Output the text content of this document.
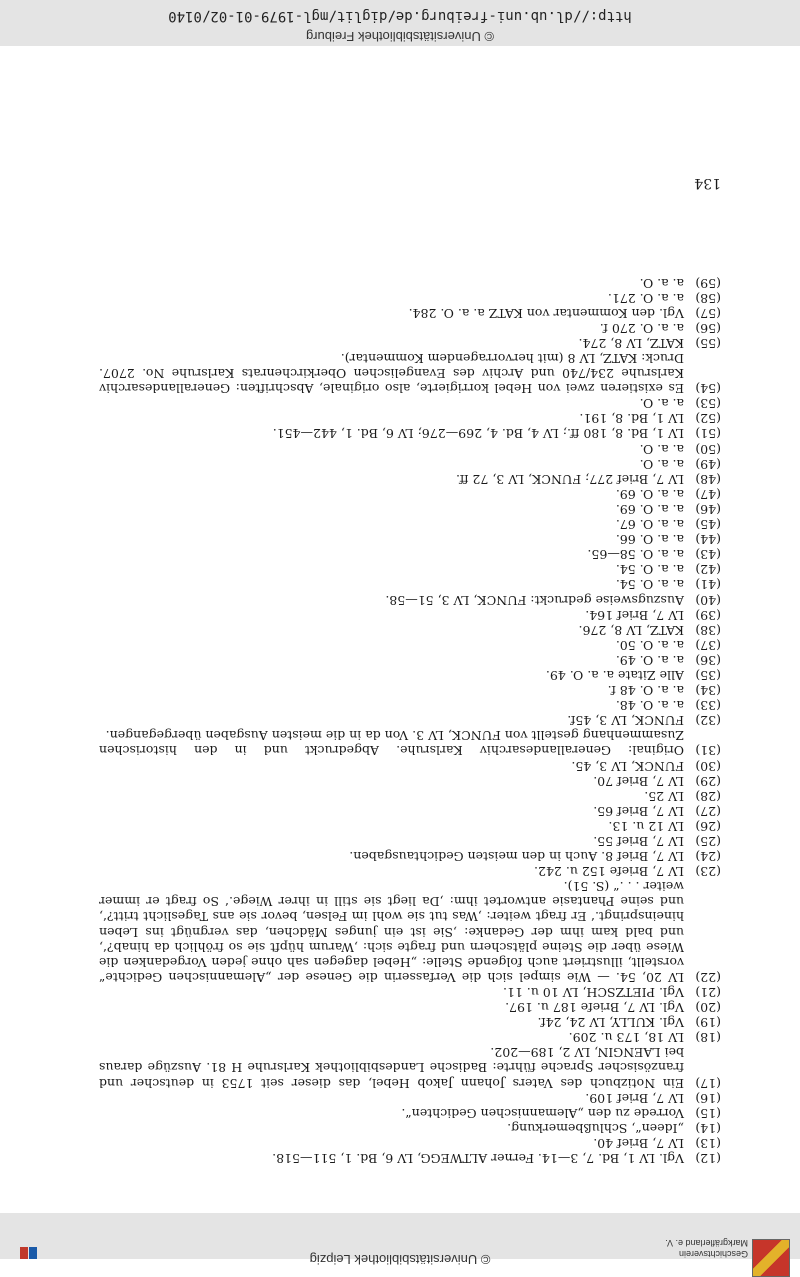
© Universitätsbibliothek Leipzig	Geschichtsverein
Markgräflerland e. V.
(12)
Vgl. LV 1, Bd. 7, 3—14. Ferner ALTWEGG, LV 6, Bd. 1, 511—518.
(13)
LV 7, Brief 40.
(14)
„Ideen“, Schlußbemerkung.
(15)
Vorrede zu den „Alemannischen Gedichten“.
(16)
LV 7, Brief 109.
(17)
Ein Notizbuch des Vaters Johann Jakob Hebel, das dieser seit 1753 in deutscher und französischer Sprache führte: Badische Landesbibliothek Karlsruhe H 81. Auszüge daraus bei LAENGIN, LV 2, 189—202.
(18)
LV 18, 173 u. 209.
(19)
Vgl. KULLY, LV 24, 24f.
(20)
Vgl. LV 7, Briefe 187 u. 197.
(21)
Vgl. PIETZSCH, LV 10 u. 11.
(22)
LV 20, 54. — Wie simpel sich die Verfasserin die Genese der „Alemannischen Gedichte“ vorstellt, illustriert auch folgende Stelle: „Hebel dagegen sah ohne jeden Vorgedanken die Wiese über die Steine plätschern und fragte sich: ‚Warum hüpft sie so fröhlich da hinab?‘, und bald kam ihm der Gedanke: ‚Sie ist ein junges Mädchen, das vergnügt ins Leben hineinspringt.‘ Er fragt weiter: ‚Was tut sie wohl im Felsen, bevor sie ans Tageslicht tritt?‘, und seine Phantasie antwortet ihm: ‚Da liegt sie still in ihrer Wiege.‘ So fragt er immer weiter . . .“ (S. 51).
(23)
LV 7, Briefe 152 u. 242.
(24)
LV 7, Brief 8. Auch in den meisten Gedichtausgaben.
(25)
LV 7, Brief 55.
(26)
LV 12 u. 13.
(27)
LV 7, Brief 65.
(28)
LV 25.
(29)
LV 7, Brief 70.
(30)
FUNCK, LV 3, 45.
(31)
Original: Generallandesarchiv Karlsruhe. Abgedruckt und in den historischen Zusammenhang gestellt von FUNCK, LV 3. Von da in die meisten Ausgaben übergegangen.
(32)
FUNCK, LV 3, 45f.
(33)
a. a. O. 48.
(34)
a. a. O. 48 f.
(35)
Alle Zitate a. a. O. 49.
(36)
a. a. O. 49.
(37)
a. a. O. 50.
(38)
KATZ, LV 8, 276.
(39)
LV 7, Brief 164.
(40)
Auszugsweise gedruckt: FUNCK, LV 3, 51—58.
(41)
a. a. O. 54.
(42)
a. a. O. 54.
(43)
a. a. O. 58—65.
(44)
a. a. O. 66.
(45)
a. a. O. 67.
(46)
a. a. O. 69.
(47)
a. a. O. 69.
(48)
LV 7, Brief 277; FUNCK, LV 3, 72 ff.
(49)
a. a. O.
(50)
a. a. O.
(51)
LV 1, Bd. 8, 180 ff.; LV 4, Bd. 4, 269—276; LV 6, Bd. 1, 442—451.
(52)
LV 1, Bd. 8, 191.
(53)
a. a. O.
(54)
Es existieren zwei von Hebel korrigierte, also originale, Abschriften: Generallandesarchiv Karlsruhe 234/740 und Archiv des Evangelischen Oberkirchenrats Karlsruhe No. 2707. Druck: KATZ, LV 8 (mit hervorragendem Kommentar).
(55)
KATZ, LV 8, 274.
(56)
a. a. O. 270 f.
(57)
Vgl. den Kommentar von KATZ a. a. O. 284.
(58)
a. a. O. 271.
(59)
a. a. O.
134
© Universitätsbibliothek Freiburg
http://dl.ub.uni-freiburg.de/diglit/mgl-1979-01-02/0140
